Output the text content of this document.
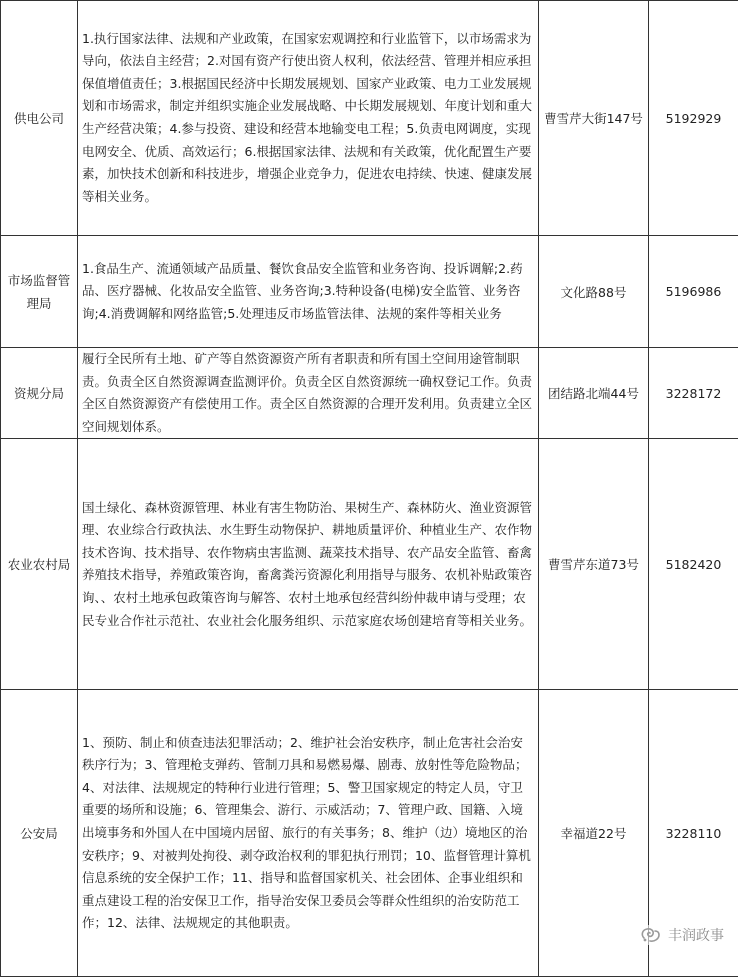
供电公司	1.执行国家法律、法规和产业政策，在国家宏观调控和行业监管下，以市场需求为导向，依法自主经营；2.对国有资产行使出资人权利，依法经营、管理并相应承担保值增值责任；3.根据国民经济中长期发展规划、国家产业政策、电力工业发展规划和市场需求，制定并组织实施企业发展战略、中长期发展规划、年度计划和重大生产经营决策；4.参与投资、建设和经营本地输变电工程；5.负责电网调度，实现电网安全、优质、高效运行；6.根据国家法律、法规和有关政策，优化配置生产要素，加快技术创新和科技进步，增强企业竞争力，促进农电持续、快速、健康发展等相关业务。	曹雪芹大街147号	5192929
市场监督管理局	1.食品生产、流通领域产品质量、餐饮食品安全监管和业务咨询、投诉调解;2.药品、医疗器械、化妆品安全监管、业务咨询;3.特种设备(电梯)安全监管、业务咨询;4.消费调解和网络监管;5.处理违反市场监管法律、法规的案件等相关业务	文化路88号	5196986
资规分局	履行全民所有土地、矿产等自然资源资产所有者职责和所有国土空间用途管制职责。负责全区自然资源调查监测评价。负责全区自然资源统一确权登记工作。负责全区自然资源资产有偿使用工作。责全区自然资源的合理开发利用。负责建立全区空间规划体系。	团结路北端44号	3228172
农业农村局	国土绿化、森林资源管理、林业有害生物防治、果树生产、森林防火、渔业资源管理、农业综合行政执法、水生野生动物保护、耕地质量评价、种植业生产、农作物技术咨询、技术指导、农作物病虫害监测、蔬菜技术指导、农产品安全监管、畜禽养殖技术指导，养殖政策咨询，畜禽粪污资源化利用指导与服务、农机补贴政策咨询、、农村土地承包政策咨询与解答、农村土地承包经营纠纷仲裁申请与受理；农民专业合作社示范社、农业社会化服务组织、示范家庭农场创建培育等相关业务。	曹雪芹东道73号	5182420
公安局	1、预防、制止和侦查违法犯罪活动；2、维护社会治安秩序，制止危害社会治安秩序行为；3、管理枪支弹药、管制刀具和易燃易爆、剧毒、放射性等危险物品；4、对法律、法规规定的特种行业进行管理；5、警卫国家规定的特定人员，守卫重要的场所和设施；6、管理集会、游行、示威活动；7、管理户政、国籍、入境出境事务和外国人在中国境内居留、旅行的有关事务；8、维护（边）境地区的治安秩序；9、对被判处拘役、剥夺政治权利的罪犯执行刑罚；10、监督管理计算机信息系统的安全保护工作；11、指导和监督国家机关、社会团体、企事业组织和重点建设工程的治安保卫工作，指导治安保卫委员会等群众性组织的治安防范工作；12、法律、法规规定的其他职责。	幸福道22号	3228110
丰润政事
